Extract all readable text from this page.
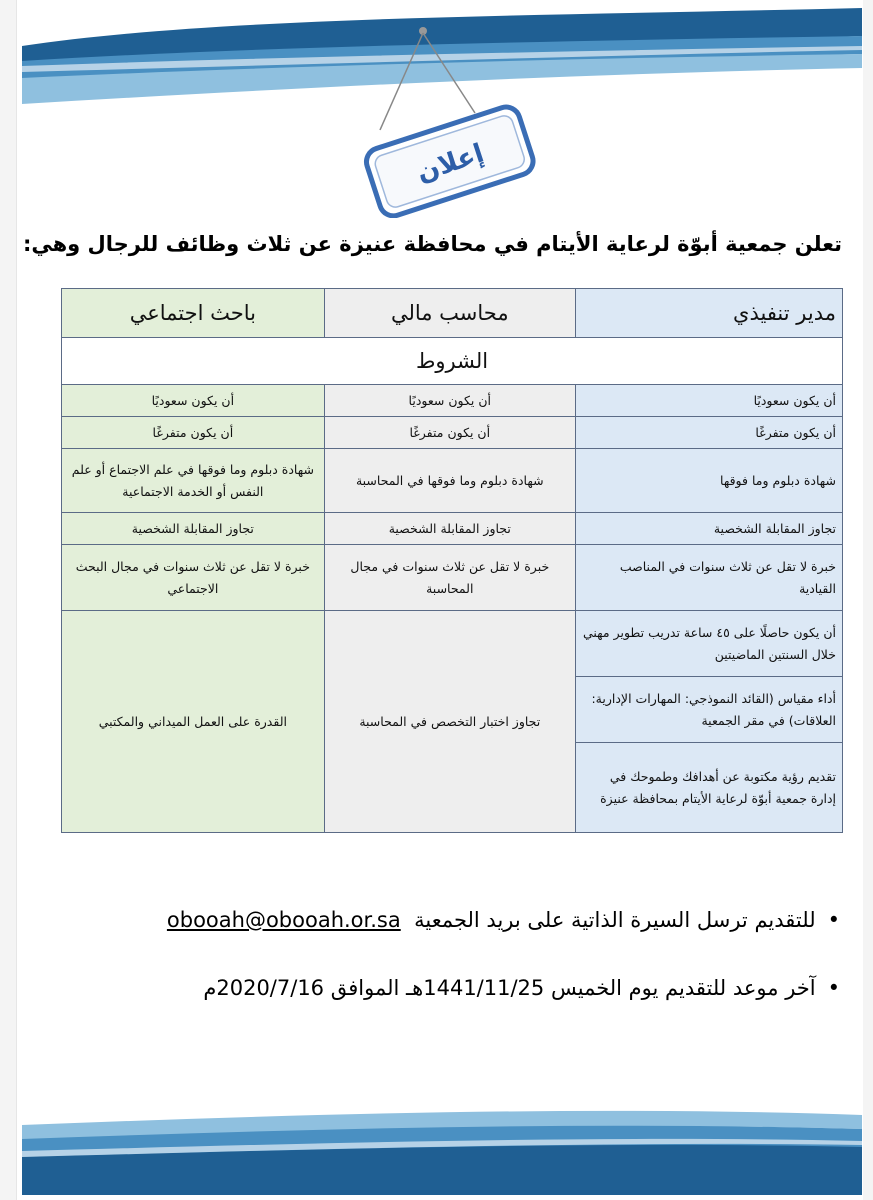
إعلان
تعلن جمعية أبوّة لرعاية الأيتام في محافظة عنيزة عن ثلاث وظائف للرجال وهي:
مدير تنفيذي	محاسب مالي	باحث اجتماعي
الشروط		
أن يكون سعوديًا	أن يكون سعوديًا	أن يكون سعوديًا
أن يكون متفرغًا	أن يكون متفرغًا	أن يكون متفرغًا
شهادة دبلوم وما فوقها	شهادة دبلوم وما فوقها في المحاسبة	شهادة دبلوم وما فوقها في علم الاجتماع أو علم النفس أو الخدمة الاجتماعية
تجاوز المقابلة الشخصية	تجاوز المقابلة الشخصية	تجاوز المقابلة الشخصية
خبرة لا تقل عن ثلاث سنوات في المناصب القيادية	خبرة لا تقل عن ثلاث سنوات في مجال المحاسبة	خبرة لا تقل عن ثلاث سنوات في مجال البحث الاجتماعي
أن يكون حاصلًا على ٤٥ ساعة تدريب تطوير مهني خلال السنتين الماضيتين	تجاوز اختبار التخصص في المحاسبة	القدرة على العمل الميداني والمكتبي
أداء مقياس (القائد النموذجي: المهارات الإدارية: العلاقات) في مقر الجمعية		
تقديم رؤية مكتوبة عن أهدافك وطموحك في إدارة جمعية أبوّة لرعاية الأيتام بمحافظة عنيزة		
•للتقديم ترسل السيرة الذاتية على بريد الجمعية  obooah@obooah.or.sa
•آخر موعد للتقديم يوم الخميس 1441/11/25هـ الموافق 2020/7/16م
